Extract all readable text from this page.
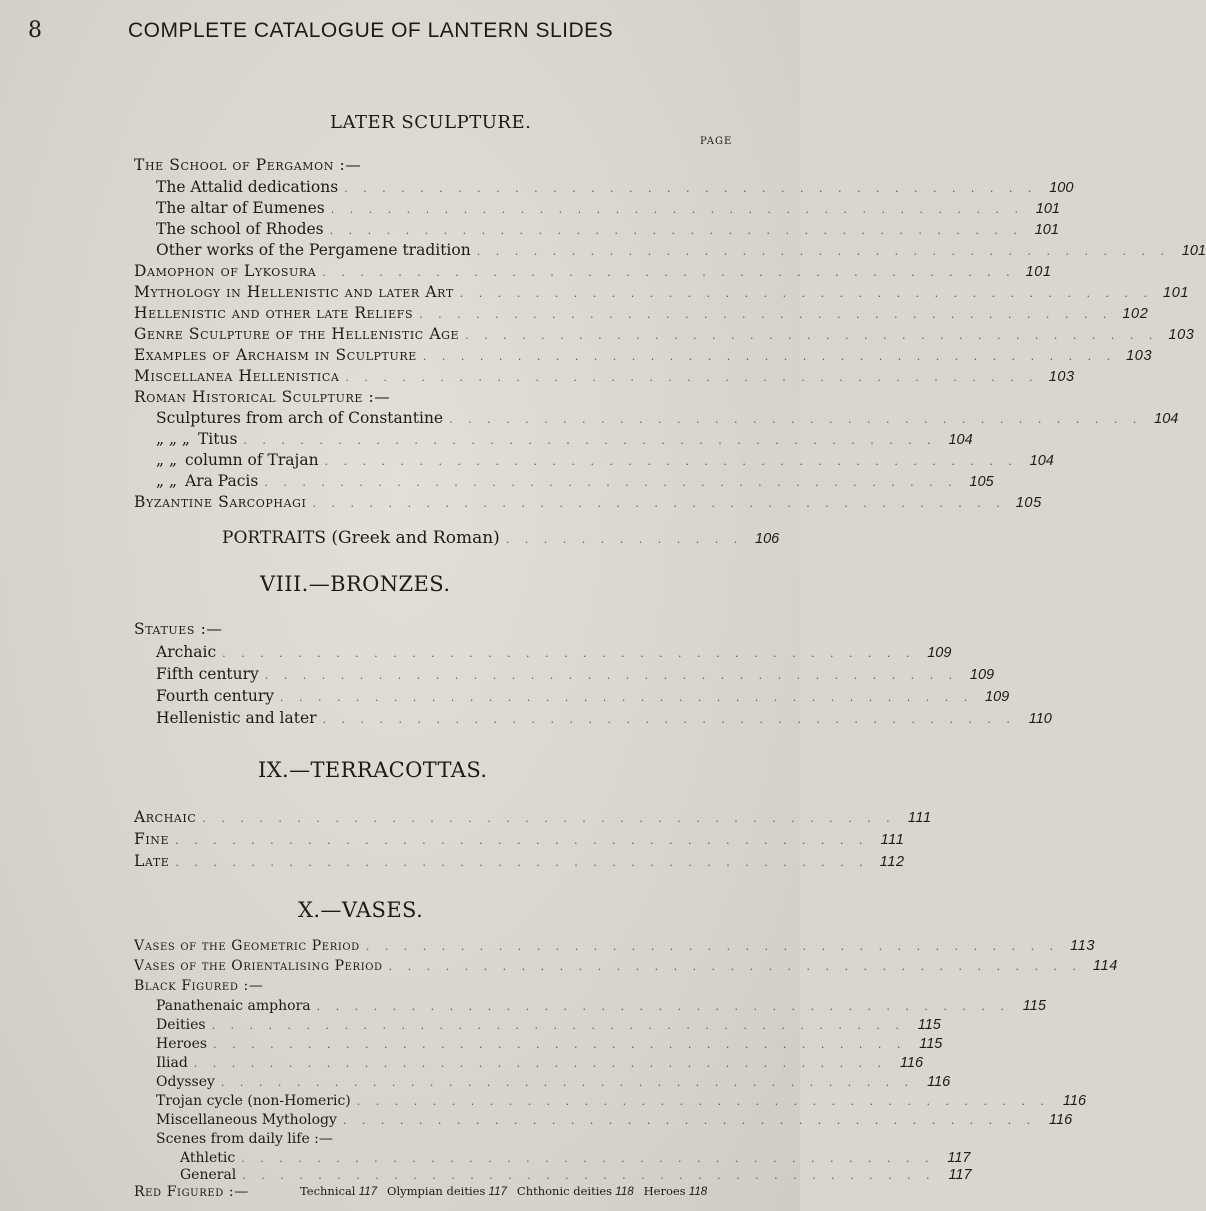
8	COMPLETE CATALOGUE OF LANTERN SLIDES
LATER SCULPTURE.
PAGE
The School of Pergamon :—
The Attalid dedications . . . . . . . . . . . . . . . . . . . . . . . . . . . . . . . . . . . . . 100
The altar of Eumenes . . . . . . . . . . . . . . . . . . . . . . . . . . . . . . . . . . . . . 101
The school of Rhodes . . . . . . . . . . . . . . . . . . . . . . . . . . . . . . . . . . . . . 101
Other works of the Pergamene tradition . . . . . . . . . . . . . . . . . . . . . . . . . . . . . . . . . . . . . 101
Damophon of Lykosura . . . . . . . . . . . . . . . . . . . . . . . . . . . . . . . . . . . . . 101
Mythology in Hellenistic and later Art . . . . . . . . . . . . . . . . . . . . . . . . . . . . . . . . . . . . . 101
Hellenistic and other late Reliefs . . . . . . . . . . . . . . . . . . . . . . . . . . . . . . . . . . . . . 102
Genre Sculpture of the Hellenistic Age . . . . . . . . . . . . . . . . . . . . . . . . . . . . . . . . . . . . . 103
Examples of Archaism in Sculpture . . . . . . . . . . . . . . . . . . . . . . . . . . . . . . . . . . . . . 103
Miscellanea Hellenistica . . . . . . . . . . . . . . . . . . . . . . . . . . . . . . . . . . . . . 103
Roman Historical Sculpture :—
Sculptures from arch of Constantine . . . . . . . . . . . . . . . . . . . . . . . . . . . . . . . . . . . . . 104
„ „ „ Titus . . . . . . . . . . . . . . . . . . . . . . . . . . . . . . . . . . . . . 104
„ „ column of Trajan . . . . . . . . . . . . . . . . . . . . . . . . . . . . . . . . . . . . . 104
„ „ Ara Pacis . . . . . . . . . . . . . . . . . . . . . . . . . . . . . . . . . . . . . 105
Byzantine Sarcophagi . . . . . . . . . . . . . . . . . . . . . . . . . . . . . . . . . . . . . 105
PORTRAITS (Greek and Roman) . . . . . . . . . . . . . 106
VIII.—BRONZES.
Statues :—
Archaic . . . . . . . . . . . . . . . . . . . . . . . . . . . . . . . . . . . . . 109
Fifth century . . . . . . . . . . . . . . . . . . . . . . . . . . . . . . . . . . . . . 109
Fourth century . . . . . . . . . . . . . . . . . . . . . . . . . . . . . . . . . . . . . 109
Hellenistic and later . . . . . . . . . . . . . . . . . . . . . . . . . . . . . . . . . . . . . 110
IX.—TERRACOTTAS.
Archaic . . . . . . . . . . . . . . . . . . . . . . . . . . . . . . . . . . . . . 111
Fine . . . . . . . . . . . . . . . . . . . . . . . . . . . . . . . . . . . . . 111
Late . . . . . . . . . . . . . . . . . . . . . . . . . . . . . . . . . . . . . 112
X.—VASES.
Vases of the Geometric Period . . . . . . . . . . . . . . . . . . . . . . . . . . . . . . . . . . . . . 113
Vases of the Orientalising Period . . . . . . . . . . . . . . . . . . . . . . . . . . . . . . . . . . . . . 114
Black Figured :—
Panathenaic amphora . . . . . . . . . . . . . . . . . . . . . . . . . . . . . . . . . . . . . 115
Deities . . . . . . . . . . . . . . . . . . . . . . . . . . . . . . . . . . . . . 115
Heroes . . . . . . . . . . . . . . . . . . . . . . . . . . . . . . . . . . . . . 115
Iliad . . . . . . . . . . . . . . . . . . . . . . . . . . . . . . . . . . . . . 116
Odyssey . . . . . . . . . . . . . . . . . . . . . . . . . . . . . . . . . . . . . 116
Trojan cycle (non-Homeric) . . . . . . . . . . . . . . . . . . . . . . . . . . . . . . . . . . . . . 116
Miscellaneous Mythology . . . . . . . . . . . . . . . . . . . . . . . . . . . . . . . . . . . . . 116
Scenes from daily life :—
Athletic . . . . . . . . . . . . . . . . . . . . . . . . . . . . . . . . . . . . . 117
General . . . . . . . . . . . . . . . . . . . . . . . . . . . . . . . . . . . . . 117
Red Figured :—	Technical 117 Olympian deities 117 Chthonic deities 118 Heroes 118
